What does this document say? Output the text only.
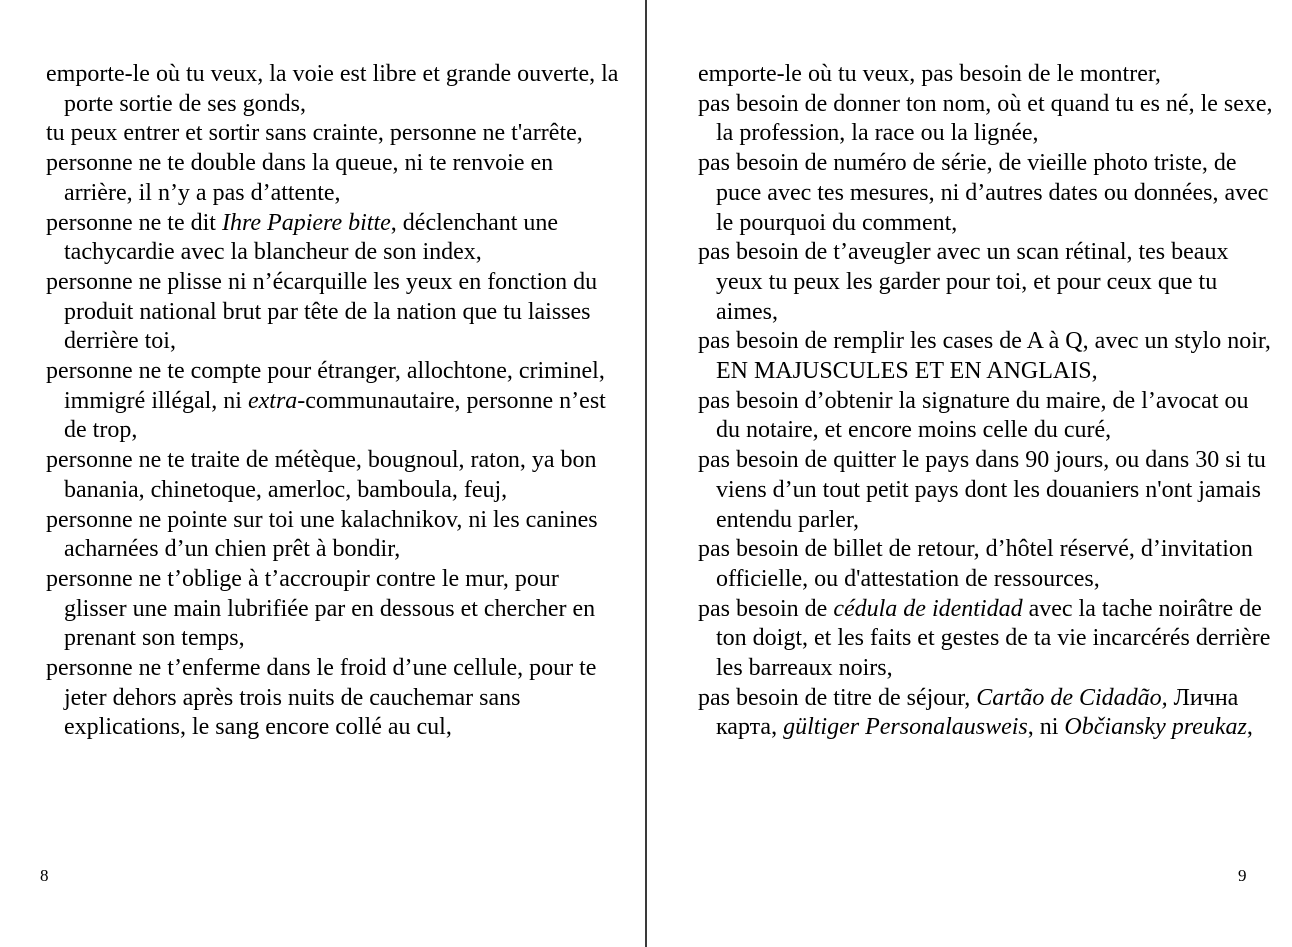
emporte-le où tu veux, la voie est libre et grande ouverte, la porte sortie de ses gonds,

tu peux entrer et sortir sans crainte, personne ne t'arrête,

personne ne te double dans la queue, ni te renvoie en arrière, il n’y a pas d’attente,

personne ne te dit Ihre Papiere bitte, déclenchant une tachycardie avec la blancheur de son index,

personne ne plisse ni n’écarquille les yeux en fonction du produit national brut par tête de la nation que tu laisses derrière toi,

personne ne te compte pour étranger, allochtone, criminel, immigré illégal, ni extra-communautaire, personne n’est de trop,

personne ne te traite de métèque, bougnoul, raton, ya bon banania, chinetoque, amerloc, bamboula, feuj,

personne ne pointe sur toi une kalachnikov, ni les canines acharnées d’un chien prêt à bondir,

personne ne t’oblige à t’accroupir contre le mur, pour glisser une main lubrifiée par en dessous et chercher en prenant son temps,

personne ne t’enferme dans le froid d’une cellule, pour te jeter dehors après trois nuits de cauchemar sans explications, le sang encore collé au cul,

8

emporte-le où tu veux, pas besoin de le montrer,

pas besoin de donner ton nom, où et quand tu es né, le sexe, la profession, la race ou la lignée,

pas besoin de numéro de série, de vieille photo triste, de puce avec tes mesures, ni d’autres dates ou données, avec le pourquoi du comment,

pas besoin de t’aveugler avec un scan rétinal, tes beaux yeux tu peux les garder pour toi, et pour ceux que tu aimes,

pas besoin de remplir les cases de A à Q, avec un stylo noir, EN MAJUSCULES ET EN ANGLAIS,

pas besoin d’obtenir la signature du maire, de l’avocat ou du notaire, et encore moins celle du curé,

pas besoin de quitter le pays dans 90 jours, ou dans 30 si tu viens d’un tout petit pays dont les douaniers n'ont jamais entendu parler,

pas besoin de billet de retour, d’hôtel réservé, d’invitation officielle, ou d'attestation de ressources,

pas besoin de cédula de identidad avec la tache noirâtre de ton doigt, et les faits et gestes de ta vie incarcérés derrière les barreaux noirs,

pas besoin de titre de séjour, Cartão de Cidadão, Лична карта, gültiger Personalausweis, ni Občiansky preukaz,

9
